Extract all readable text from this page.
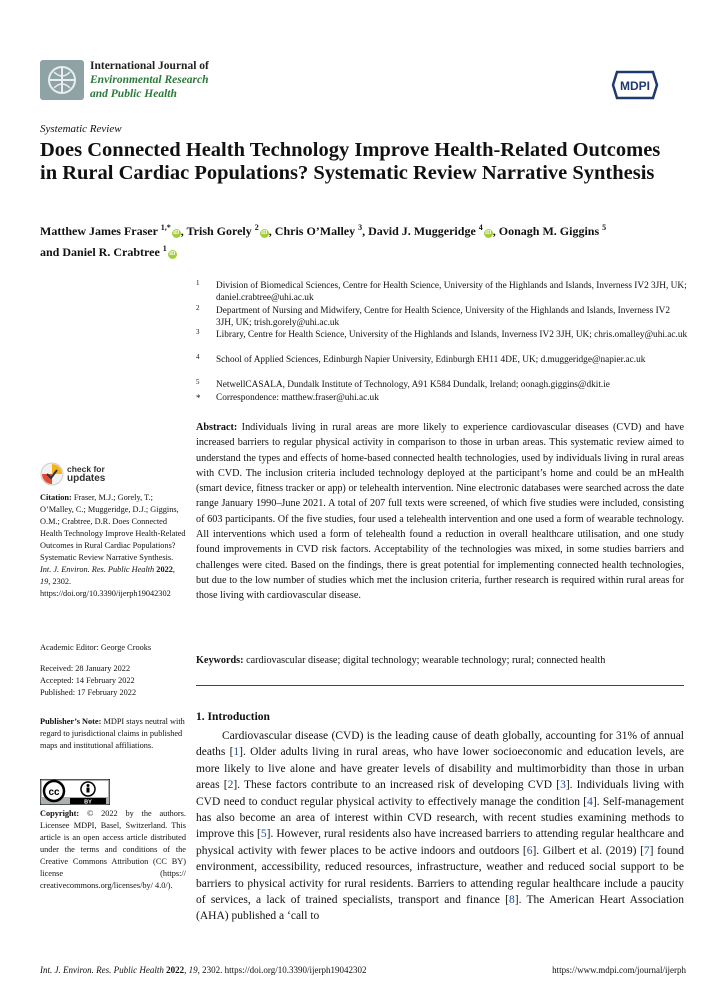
International Journal of
Environmental Research
and Public Health
MDPI
Systematic Review
Does Connected Health Technology Improve Health-Related Outcomes in Rural Cardiac Populations? Systematic Review Narrative Synthesis
Matthew James Fraser $^{1,*}$iD , Trish Gorely $^2$iD , Chris O’Malley $^3$, David J. Muggeridge $^4$iD , Oonagh M. Giggins $^5$
and Daniel R. Crabtree $^1$iD
1	Division of Biomedical Sciences, Centre for Health Science, University of the Highlands and Islands, Inverness IV2 3JH, UK; daniel.crabtree@uhi.ac.uk
2	Department of Nursing and Midwifery, Centre for Health Science, University of the Highlands and Islands, Inverness IV2 3JH, UK; trish.gorely@uhi.ac.uk
3	Library, Centre for Health Science, University of the Highlands and Islands, Inverness IV2 3JH, UK; chris.omalley@uhi.ac.uk
4	School of Applied Sciences, Edinburgh Napier University, Edinburgh EH11 4DE, UK; d.muggeridge@napier.ac.uk
5	NetwellCASALA, Dundalk Institute of Technology, A91 K584 Dundalk, Ireland; oonagh.giggins@dkit.ie
*	Correspondence: matthew.fraser@uhi.ac.uk
Abstract: Individuals living in rural areas are more likely to experience cardiovascular diseases (CVD) and have increased barriers to regular physical activity in comparison to those in urban areas. This systematic review aimed to understand the types and effects of home-based connected health technologies, used by individuals living in rural areas with CVD. The inclusion criteria included technology deployed at the participant’s home and could be an mHealth (smart device, fitness tracker or app) or telehealth intervention. Nine electronic databases were searched across the date range January 1990–June 2021. A total of 207 full texts were screened, of which five studies were included, consisting of 603 participants. Of the five studies, four used a telehealth intervention and one used a form of wearable technology. All interventions which used a form of telehealth found a reduction in overall healthcare utilisation, and one study found improvements in CVD risk factors. Acceptability of the technologies was mixed, in some studies barriers and challenges were cited. Based on the findings, there is great potential for implementing connected health technologies, but due to the low number of studies which met the inclusion criteria, further research is required within rural areas for those living with cardiovascular disease.
Keywords: cardiovascular disease; digital technology; wearable technology; rural; connected health
check for
updates
Citation: Fraser, M.J.; Gorely, T.; O’Malley, C.; Muggeridge, D.J.; Giggins, O.M.; Crabtree, D.R. Does Connected Health Technology Improve Health-Related Outcomes in Rural Cardiac Populations? Systematic Review Narrative Synthesis. Int. J. Environ. Res. Public Health 2022, 19, 2302. https://doi.org/10.3390/ijerph19042302
Academic Editor: George Crooks
Received: 28 January 2022
Accepted: 14 February 2022
Published: 17 February 2022
Publisher’s Note: MDPI stays neutral with regard to jurisdictional claims in published maps and institutional affiliations.
cc
BY
Copyright: © 2022 by the authors. Licensee MDPI, Basel, Switzerland. This article is an open access article distributed under the terms and conditions of the Creative Commons Attribution (CC BY) license (https:// creativecommons.org/licenses/by/ 4.0/).
1. Introduction
Cardiovascular disease (CVD) is the leading cause of death globally, accounting for 31% of annual deaths [1]. Older adults living in rural areas, who have lower socioeconomic and education levels, are more likely to live alone and have greater levels of disability and multimorbidity than those in urban areas [2]. These factors contribute to an increased risk of developing CVD [3]. Individuals living with CVD need to conduct regular physical activity to effectively manage the condition [4]. Self-management has also become an area of interest within CVD research, with recent studies examining methods to improve this [5]. However, rural residents also have increased barriers to attending regular healthcare and physical activity with fewer places to be active indoors and outdoors [6]. Gilbert et al. (2019) [7] found environment, accessibility, reduced resources, infrastructure, weather and reduced social support to be barriers to physical activity for rural residents. Barriers to attending regular healthcare include a paucity of services, a lack of trained specialists, transport and finance [8]. The American Heart Association (AHA) published a ‘call to
Int. J. Environ. Res. Public Health 2022, 19, 2302. https://doi.org/10.3390/ijerph19042302	https://www.mdpi.com/journal/ijerph
